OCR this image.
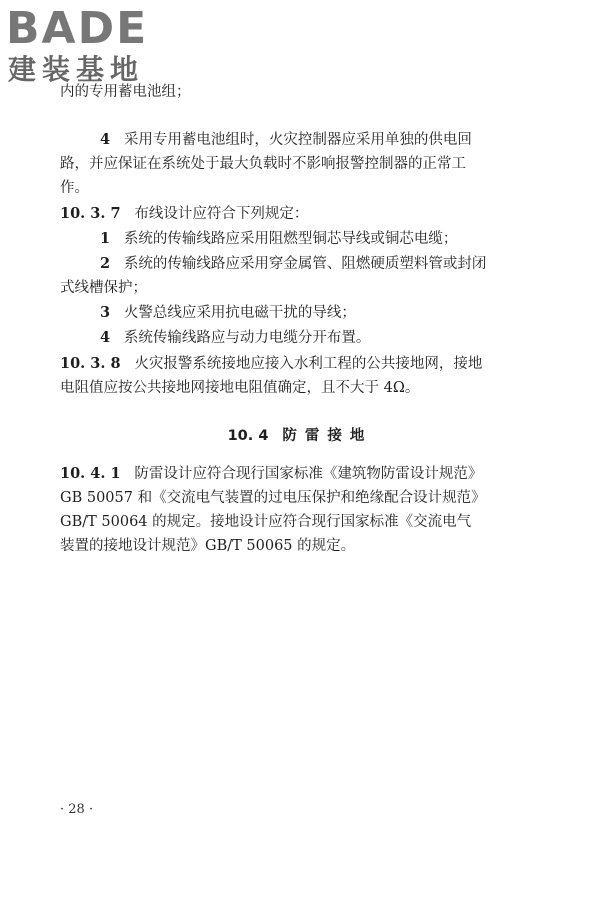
BADE
建装基地
内的专用蓄电池组；
4 采用专用蓄电池组时，火灾控制器应采用单独的供电回
路，并应保证在系统处于最大负载时不影响报警控制器的正常工
作。
10. 3. 7 布线设计应符合下列规定：
1 系统的传输线路应采用阻燃型铜芯导线或铜芯电缆；
2 系统的传输线路应采用穿金属管、阻燃硬质塑料管或封闭
式线槽保护；
3 火警总线应采用抗电磁干扰的导线；
4 系统传输线路应与动力电缆分开布置。
10. 3. 8 火灾报警系统接地应接入水利工程的公共接地网，接地
电阻值应按公共接地网接地电阻值确定，且不大于 4Ω。
10. 4 防雷接地
10. 4. 1 防雷设计应符合现行国家标准《建筑物防雷设计规范》
GB 50057 和《交流电气装置的过电压保护和绝缘配合设计规范》
GB/T 50064 的规定。接地设计应符合现行国家标准《交流电气
装置的接地设计规范》GB/T 50065 的规定。
· 28 ·
